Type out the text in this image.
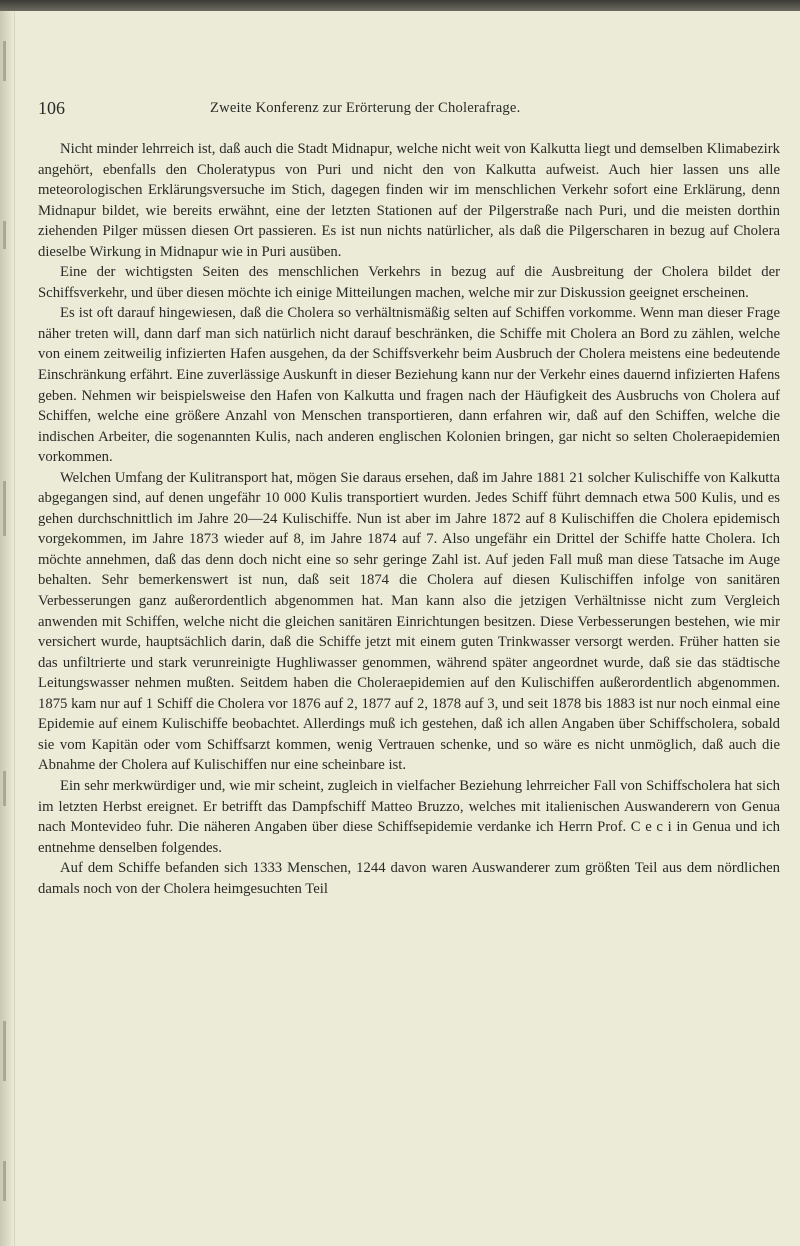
106	Zweite Konferenz zur Erörterung der Cholerafrage.

Nicht minder lehrreich ist, daß auch die Stadt Midnapur, welche nicht weit von Kalkutta liegt und demselben Klimabezirk angehört, ebenfalls den Choleratypus von Puri und nicht den von Kalkutta aufweist. Auch hier lassen uns alle meteorologischen Erklärungsversuche im Stich, dagegen finden wir im menschlichen Verkehr sofort eine Erklärung, denn Midnapur bildet, wie bereits erwähnt, eine der letzten Stationen auf der Pilgerstraße nach Puri, und die meisten dorthin ziehenden Pilger müssen diesen Ort passieren. Es ist nun nichts natürlicher, als daß die Pilgerscharen in bezug auf Cholera dieselbe Wirkung in Midnapur wie in Puri ausüben.

Eine der wichtigsten Seiten des menschlichen Verkehrs in bezug auf die Ausbreitung der Cholera bildet der Schiffsverkehr, und über diesen möchte ich einige Mitteilungen machen, welche mir zur Diskussion geeignet erscheinen.

Es ist oft darauf hingewiesen, daß die Cholera so verhältnismäßig selten auf Schiffen vorkomme. Wenn man dieser Frage näher treten will, dann darf man sich natürlich nicht darauf beschränken, die Schiffe mit Cholera an Bord zu zählen, welche von einem zeitweilig infizierten Hafen ausgehen, da der Schiffsverkehr beim Ausbruch der Cholera meistens eine bedeutende Einschränkung erfährt. Eine zuverlässige Auskunft in dieser Beziehung kann nur der Verkehr eines dauernd infizierten Hafens geben. Nehmen wir beispielsweise den Hafen von Kalkutta und fragen nach der Häufigkeit des Ausbruchs von Cholera auf Schiffen, welche eine größere Anzahl von Menschen transportieren, dann erfahren wir, daß auf den Schiffen, welche die indischen Arbeiter, die sogenannten Kulis, nach anderen englischen Kolonien bringen, gar nicht so selten Choleraepidemien vorkommen.

Welchen Umfang der Kulitransport hat, mögen Sie daraus ersehen, daß im Jahre 1881 21 solcher Kulischiffe von Kalkutta abgegangen sind, auf denen ungefähr 10 000 Kulis transportiert wurden. Jedes Schiff führt demnach etwa 500 Kulis, und es gehen durchschnittlich im Jahre 20—24 Kulischiffe. Nun ist aber im Jahre 1872 auf 8 Kulischiffen die Cholera epidemisch vorgekommen, im Jahre 1873 wieder auf 8, im Jahre 1874 auf 7. Also ungefähr ein Drittel der Schiffe hatte Cholera. Ich möchte annehmen, daß das denn doch nicht eine so sehr geringe Zahl ist. Auf jeden Fall muß man diese Tatsache im Auge behalten. Sehr bemerkenswert ist nun, daß seit 1874 die Cholera auf diesen Kulischiffen infolge von sanitären Verbesserungen ganz außerordentlich abgenommen hat. Man kann also die jetzigen Verhältnisse nicht zum Vergleich anwenden mit Schiffen, welche nicht die gleichen sanitären Einrichtungen besitzen. Diese Verbesserungen bestehen, wie mir versichert wurde, hauptsächlich darin, daß die Schiffe jetzt mit einem guten Trinkwasser versorgt werden. Früher hatten sie das unfiltrierte und stark verunreinigte Hughliwasser genommen, während später angeordnet wurde, daß sie das städtische Leitungswasser nehmen mußten. Seitdem haben die Choleraepidemien auf den Kulischiffen außerordentlich abgenommen. 1875 kam nur auf 1 Schiff die Cholera vor 1876 auf 2, 1877 auf 2, 1878 auf 3, und seit 1878 bis 1883 ist nur noch einmal eine Epidemie auf einem Kulischiffe beobachtet. Allerdings muß ich gestehen, daß ich allen Angaben über Schiffscholera, sobald sie vom Kapitän oder vom Schiffsarzt kommen, wenig Vertrauen schenke, und so wäre es nicht unmöglich, daß auch die Abnahme der Cholera auf Kulischiffen nur eine scheinbare ist.

Ein sehr merkwürdiger und, wie mir scheint, zugleich in vielfacher Beziehung lehrreicher Fall von Schiffscholera hat sich im letzten Herbst ereignet. Er betrifft das Dampfschiff Matteo Bruzzo, welches mit italienischen Auswanderern von Genua nach Montevideo fuhr. Die näheren Angaben über diese Schiffsepidemie verdanke ich Herrn Prof. C e c i in Genua und ich entnehme denselben folgendes.

Auf dem Schiffe befanden sich 1333 Menschen, 1244 davon waren Auswanderer zum größten Teil aus dem nördlichen damals noch von der Cholera heimgesuchten Teil
